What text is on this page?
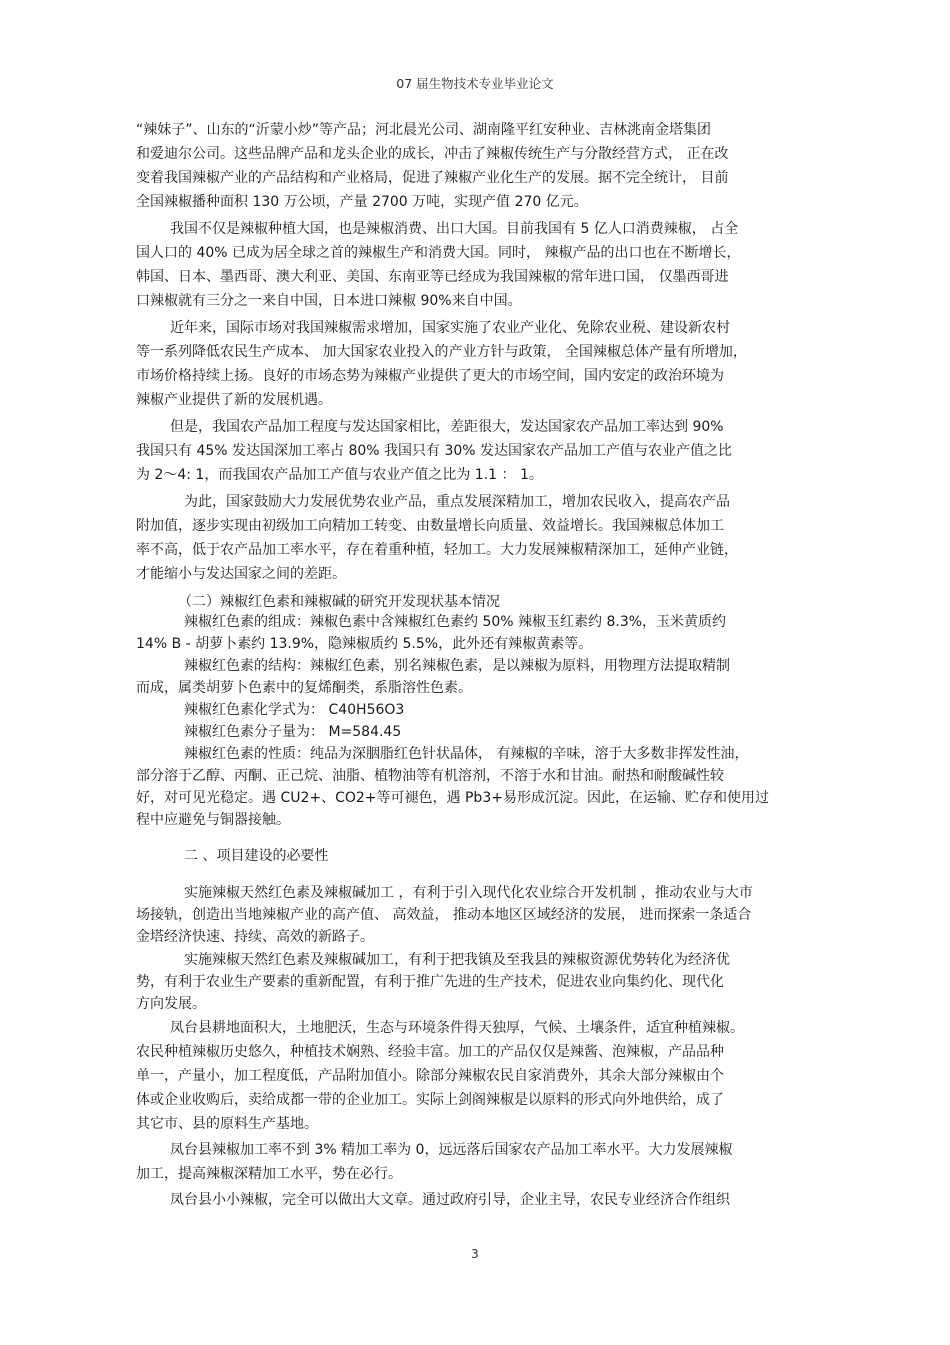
07 届生物技术专业毕业论文
“辣妹子”、山东的“沂蒙小炒”等产品；河北晨光公司、湖南隆平红安种业、吉林洮南金塔集团
和爱迪尔公司。这些品牌产品和龙头企业的成长，冲击了辣椒传统生产与分散经营方式， 正在改
变着我国辣椒产业的产品结构和产业格局，促进了辣椒产业化生产的发展。据不完全统计， 目前
全国辣椒播种面积 130 万公顷，产量 2700 万吨，实现产值 270 亿元。
我国不仅是辣椒种植大国，也是辣椒消费、出口大国。目前我国有 5 亿人口消费辣椒， 占全
国人口的 40% 已成为居全球之首的辣椒生产和消费大国。同时， 辣椒产品的出口也在不断增长，
韩国、日本、墨西哥、澳大利亚、美国、东南亚等已经成为我国辣椒的常年进口国， 仅墨西哥进
口辣椒就有三分之一来自中国，日本进口辣椒 90%来自中国。
近年来，国际市场对我国辣椒需求增加，国家实施了农业产业化、免除农业税、建设新农村
等一系列降低农民生产成本、 加大国家农业投入的产业方针与政策， 全国辣椒总体产量有所增加，
市场价格持续上扬。良好的市场态势为辣椒产业提供了更大的市场空间，国内安定的政治环境为
辣椒产业提供了新的发展机遇。
但是，我国农产品加工程度与发达国家相比，差距很大，发达国家农产品加工率达到 90%
我国只有 45% 发达国深加工率占 80% 我国只有 30% 发达国家农产品加工产值与农业产值之比
为 2～4: 1，而我国农产品加工产值与农业产值之比为 1.1 ： 1。
为此，国家鼓励大力发展优势农业产品，重点发展深精加工，增加农民收入，提高农产品
附加值，逐步实现由初级加工向精加工转变、由数量增长向质量、效益增长。我国辣椒总体加工
率不高，低于农产品加工率水平，存在着重种植，轻加工。大力发展辣椒精深加工，延伸产业链，
才能缩小与发达国家之间的差距。
（二）辣椒红色素和辣椒碱的研究开发现状基本情况
辣椒红色素的组成：辣椒色素中含辣椒红色素约 50% 辣椒玉红素约 8.3%，玉米黄质约
14% Β - 胡萝卜素约 13.9%，隐辣椒质约 5.5%，此外还有辣椒黄素等。
辣椒红色素的结构：辣椒红色素，别名辣椒色素，是以辣椒为原料，用物理方法提取精制
而成，属类胡萝卜色素中的复烯酮类，系脂溶性色素。
辣椒红色素化学式为： C40H56O3
辣椒红色素分子量为： M=584.45
辣椒红色素的性质：纯品为深胭脂红色针状晶体， 有辣椒的辛味，溶于大多数非挥发性油，
部分溶于乙醇、丙酮、正己烷、油脂、植物油等有机溶剂，不溶于水和甘油。耐热和耐酸碱性较
好，对可见光稳定。遇 CU2+、CO2+等可褪色，遇 Pb3+易形成沉淀。因此，在运输、贮存和使用过
程中应避免与铜器接触。
二 、项目建设的必要性
实施辣椒天然红色素及辣椒碱加工 ，有利于引入现代化农业综合开发机制 ，推动农业与大市
场接轨，创造出当地辣椒产业的高产值、 高效益， 推动本地区区域经济的发展， 进而探索一条适合
金塔经济快速、持续、高效的新路子。
实施辣椒天然红色素及辣椒碱加工，有利于把我镇及至我县的辣椒资源优势转化为经济优
势，有利于农业生产要素的重新配置，有利于推广先进的生产技术，促进农业向集约化、现代化
方向发展。
凤台县耕地面积大，土地肥沃，生态与环境条件得天独厚，气候、土壤条件，适宜种植辣椒。
农民种植辣椒历史悠久，种植技术娴熟、经验丰富。加工的产品仅仅是辣酱、泡辣椒，产品品种
单一，产量小，加工程度低，产品附加值小。除部分辣椒农民自家消费外，其余大部分辣椒由个
体或企业收购后，卖给成都一带的企业加工。实际上剑阁辣椒是以原料的形式向外地供给，成了
其它市、县的原料生产基地。
凤台县辣椒加工率不到 3% 精加工率为 0，远远落后国家农产品加工率水平。大力发展辣椒
加工，提高辣椒深精加工水平，势在必行。
凤台县小小辣椒，完全可以做出大文章。通过政府引导，企业主导，农民专业经济合作组织
3
